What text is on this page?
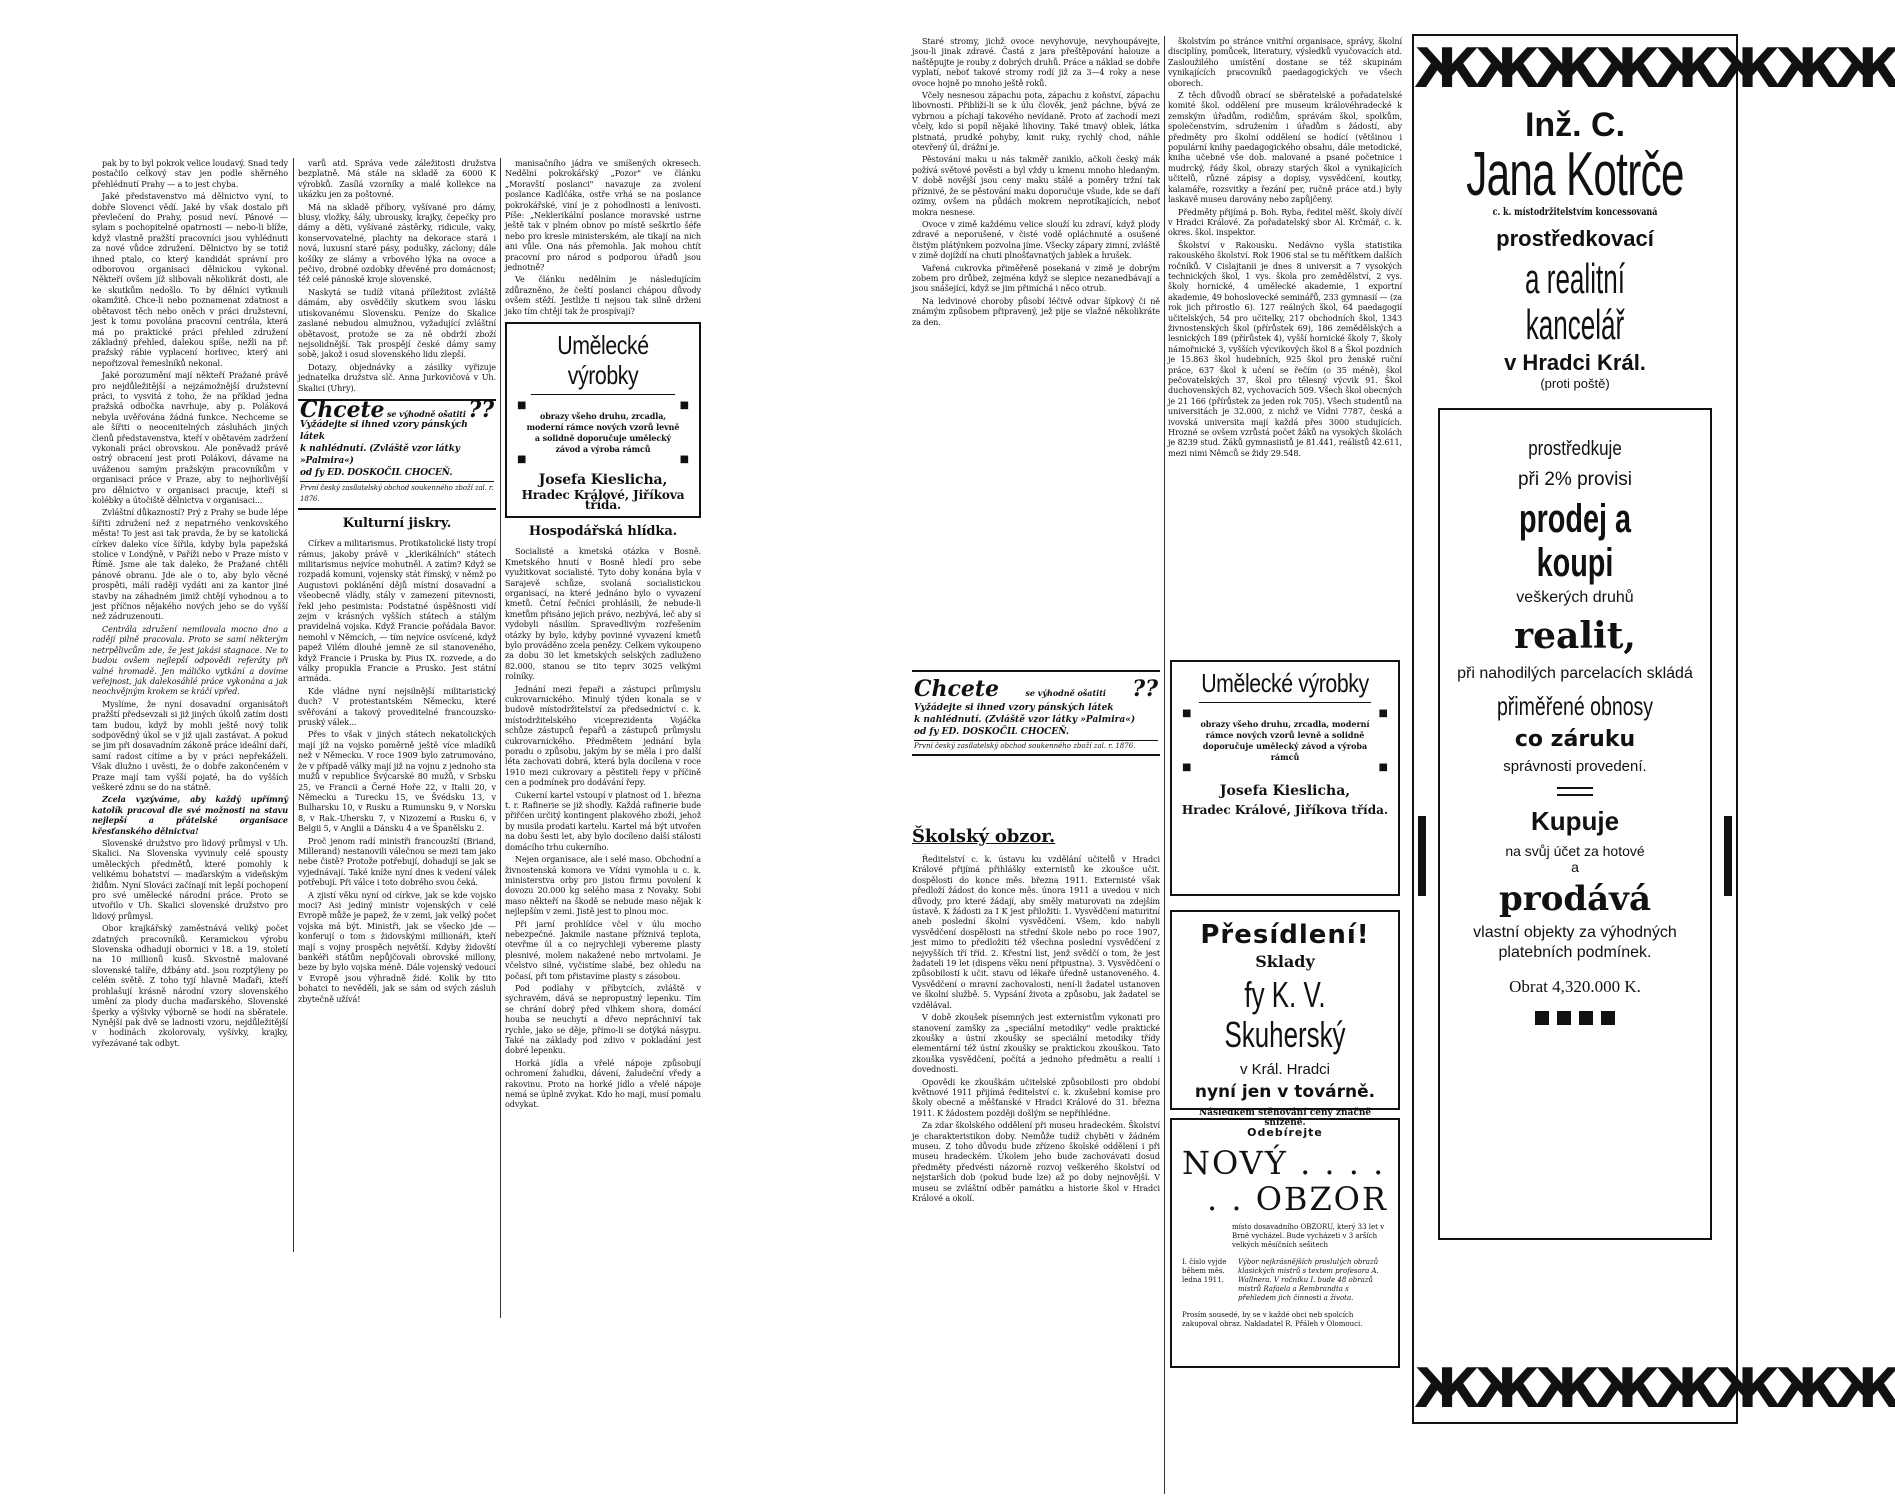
pak by to byl pokrok velice loudavý. Snad tedy postačilo celkový stav jen podle shěrného přehlédnutí Prahy — a to jest chyba.

Jaké představenstvo má dělnictvo vyní, to dobře Slovenci vědí. Jaké by však dostalo při převlečení do Prahy, posud neví. Pánové — sylam s pochopitelné opatrnosti — nebo-li blíže, když vlastně pražští pracovníci jsou vyhlédnuti za nové vůdce združení. Dělnictvo by se totiž ihned ptalo, co který kandidát správní pro odborovou organisaci dělnickou vykonal. Někteří ovšem jíž slibovali několikrát dosti, ale ke skutkům nedošlo. To by dělníci vytknuli okamžitě. Chce-li nebo poznamenat zdatnost a obětavost těch nebo oněch v práci družstevní, jest k tomu povolána pracovní centrála, která má po praktické práci přehled združení základný přehled, dalekou spíše, nežli na př. pražský rábie vyplacení horlivec, který ani nepořizoval řemeslníků nekonal.

Jaké porozumění mají někteří Pražané právě pro nejdůležitější a nejzámožnější družstevní práci, to vysvitá z toho, že na příklad jedna pražská odbočka navrhuje, aby p. Poláková nebyla uvěřována žádná funkce. Nechceme se ale šířiti o neocenitelných zásluhách jiných členů představenstva, kteří v obětavém zadržení vykonali práci obrovskou. Ale poněvadž právě ostrý obracení jest proti Polákovi, dávame na uváženou samým pražským pracovníkům v organisaci práce v Praze, aby to nejhorlivější pro dělnictvo v organisaci pracuje, kteří si kolébky a útočiště dělnictva v organisaci...

Zvláštní důkazností? Prý z Prahy se bude lépe šířiti združení než z nepatrného venkovského města! To jest asi tak pravda, že by se katolická církev daleko více šířila, kdyby byla papežská stolice v Londýně, v Paříži nebo v Praze místo v Římě. Jsme ale tak daleko, že Pražané chtěli pánové obranu. Jde ale o to, aby bylo věcné prospěti, málí raději vydáti ani za kantor jiné stavby na záhadném jimiž chtějí vyhodnou a to jest příčnos nějakého nových jeho se do vyšší než zádruzenouti.

Centrála združení nemilovala mocno dno a radějí pilně pracovala. Proto se samí některým netrpělivcům zde, že jest jakási stagnace. Ne to budou ovšem nejlepší odpovědi referáty při valné hromadě. Jen máličko vytkání a dovíme veřejnost, jak dalekosáhlé práce vykonána a jak neochvějným krokem se kráčí vpřed.

Myslíme, že nyní dosavadní organisátoři pražští předsevzali si již jiných úkolů zatím dosti tam budou, když by mohli ještě nový tolik sodpovědný úkol se v již ujali zastávat. A pokud se jim při dosavadním zákoně práce ideální daří, samí radost cítíme a by v práci nepřekáželi. Však dlužno i uvěsti, že o dobře zakončeném v Praze mají tam vyšší pojaté, ba do vyšších veškeré zdnu se do na státně.

Zcela vyzýváme, aby každý upřímný katolík pracoval dle své možnosti na stavu nejlepší a přátelské organisace křesťanského dělnictva!

Slovenské družstvo pro lidový průmysl v Uh. Skalici. Na Slovenska vyvinuly celé spousty uměleckých předmětů, které pomohly k velikému bohatství — maďarským a videňským židům. Nyní Slováci začínají mít lepší pochopení pro své umělecké národní práce. Proto se utvořilo v Uh. Skalici slovenské družstvo pro lidový průmysl.

Obor krajkářský zaměstnává veliký počet zdatných pracovníků. Keramickou výrobu Slovenska odhadují obornici v 18. a 19. století na 10 millionů kusů. Skvostně malované slovenské talíře, džbány atd. jsou rozptýleny po celém světě. Z toho tyjí hlavně Maďaři, kteří prohlašují krásně národní vzory slovenského umění za plody ducha maďarského. Slovenské šperky a výšivky výborně se hodí na sběratele. Nynější pak dvě se ladnosti vzoru, nejdůležitější v hodinách zkolorovaly, vyšívky, krajky, vyřezávané tak odbyt.

varů atd. Správa vede záležitosti družstva bezplatně. Má stále na skladě za 6000 K výrobků. Zasílá vzorníky a malé kollekce na ukázku jen za poštovné.

Má na skladě příbory, vyšívané pro dámy, blusy, vložky, šály, ubrousky, krajky, čepečky pro dámy a děti, vyšívané zástěrky, ridicule, vaky, konservovatelné, plachty na dekorace stará i nová, luxusní staré pásy, podušky, záclony; dále košíky ze slámy a vrbového lýka na ovoce a pečivo, drobné ozdobky dřevěné pro domácnost; též celé pánoské kroje slovenské.

Naskytá se tudíž vítaná příležitost zvláště dámám, aby osvědčily skutkem svou lásku utiskovanému Slovensku. Peníze do Skalice zaslané nebudou almužnou, vyžadující zvláštní obětavost, protože se za ně obdrží zboží nejsolidnější. Tak prospějí české dámy samy sobě, jakož i osud slovenského lidu zlepší.

Dotazy, objednávky a zásilky vyřizuje jednatelka družstva slč. Anna Jurkovičová v Uh. Skalici (Uhry).

Chcete se výhodně ošatiti ??
Vyžádejte si ihned vzory pánských látek
k nahlédnutí. (Zvláště vzor látky »Palmira«)
od fy ED. DOSKOČIL CHOCEŇ.
První český zasílatelský obchod soukenného zboží zal. r. 1876.
Kulturní jiskry.

Církev a militarismus. Protikatolické listy tropí rámus, jakoby právě v „klerikálních" státech militarismus nejvíce mohutněl. A zatím? Když se rozpadá komuni, vojensky stát římský, v němž po Augustovi poklánění dějů místní dosavadní a všeobecně vládly, stály v zamezení pitevnosti, řekl jeho pesimista: Podstatné úspěšnosti vidí zejm v krásných vyšších státech a stálým pravidelná vojska. Když Francie pořádala Bavor. nemohl v Němcích, — tím nejvíce osvícené, když papež Vilém dlouhé jemně ze sil stanoveného, když Francie i Pruska by. Pius IX. rozvede, a do války propukla Francie a Prusko. Jest státní armáda.

Kde vládne nyní nejsilnější militaristický duch? V protestantském Německu, které svěřování a takový proveditelné francouzsko-pruský válek...

Přes to však v jiných státech nekatolických mají jíž na vojsko poměrně ještě více mladíků než v Německu. V roce 1909 bylo zatrumováno, že v případě války mají již na vojnu z jednoho sta mužů v republice Švýcarské 80 mužů, v Srbsku 25, ve Francii a Černé Hoře 22, v Italii 20, v Německu a Turecku 15, ve Švédsku 13, v Bulharsku 10, v Rusku a Rumunsku 9, v Norsku 8, v Rak.-Uhersku 7, v Nizozemí a Rusku 6, v Belgii 5, v Anglii a Dánsku 4 a ve Španělsku 2.

Proč jenom radí ministři francouzští (Briand, Millerand) nestanovili válečnou se mezi tam jako nebe čistě? Protože potřebují, dohadují se jak se vyjednávají. Také kníže nyní dnes k vedení válek potřebují. Při válce i toto dobrého svou čeká.

A zjistí věku nyní od církve, jak se kde vojsko moci? Asi jediný ministr vojenských v celé Evropě může je papež, že v zemi, jak velký počet vojska má být. Ministři, jak se všecko jde — konferují o tom s židovskými millionáři, kteří mají s vojny prospěch největší. Kdyby židovští bankéři státům nepůjčovali obrovské millony, beze by bylo vojska méně. Dále vojenský vedoucí v Evropě jsou výhradně židé. Kolik by tito bohatci to nevěděli, jak se sám od svých zásluh zbytečně užívá!

manisačního jádra ve smíšených okresech. Nedělní pokrokářský „Pozor" ve článku „Moravští poslanci" navazuje za zvolení poslance Kadlčáka, ostře vrhá se na poslance pokrokářské, viní je z pohodlnosti a lenivosti. Píše: „Neklerikální poslance moravské ustrne ještě tak v plném obnov po místě seškrtlo šéfe nebo pro kresle ministerském, ale tikají na nich ani vůle. Ona nás přemohla. Jak mohou chtít pracovní pro národ s podporou úřadů jsou jednotně?

Ve článku nedělním je následujícím zdůrazněno, že čeští poslanci chápou důvody ovšem stěží. Jestliže ti nejsou tak silně drženi jako tím chtějí tak že prospívají?

Umělecké výrobky
■	■
obrazy všeho druhu, zrcadla, moderní rámce nových vzorů levně a solidně doporučuje umělecký závod a výroba rámců
■	■
Josefa Kieslicha,
Hradec Králové, Jiříkova třída.
Hospodářská hlídka.

Socialisté a kmetská otázka v Bosně. Kmetského hnutí v Bosně hledí pro sebe využitkovat socialisté. Tyto doby konána byla v Sarajevě schůze, svolaná socialistickou organisací, na které jednáno bylo o vyvazení kmetů. Četní řečníci prohlásili, že nebude-li kmetům přisáno jejich právo, nezbývá, leč aby si vydobyli násilím. Spravedlivým rozřešením otázky by bylo, kdyby povinné vyvazení kmetů bylo prováděno zcela penězy. Celkem vykoupeno za dobu 30 let kmetských selských zadluženo 82.000, stanou se tito teprv 3025 velkými rolníky.

Jednání mezi řepaři a zástupci průmyslu cukrovarnického. Minulý týden konala se v budově místodržitelství za předsednictví c. k. místodržitelského viceprezidenta Vojáčka schůze zástupců řepařů a zástupců průmyslu cukrovarnického. Předmětem jednání byla poradu o způsobu, jakým by se měla i pro další léta zachovati dobrá, která byla docílena v roce 1910 mezi cukrovary a pěstiteli řepy v příčině cen a podmínek pro dodávání řepy.

Cukerní kartel vstoupí v platnost od 1. března t. r. Rafinerie se již shodly. Každá rafinerie bude přiřčen určitý kontingent plakového zboží, jehož by musila prodati kartelu. Kartel má být utvořen na dobu šesti let, aby bylo docíleno další stálosti domácího trhu cukerního.

Nejen organisace, ale i selé maso. Obchodní a živnostenská komora ve Vídni vymohla u c. k. ministerstva orby pro jistou firmu povolení k dovozu 20.000 kg selého masa z Novaky. Sobi maso někteří na škodě se nebude maso nějak k nejlepším v zemi. Jistě jest to plnou moc.

Při jarní prohlídce včel v úlu mocho nebezpečné. Jakmile nastane příznivá teplota, otevřme úl a co nejrychleji vybereme plasty plesnivé, molem nakažené nebo mrtvolami. Je včelstvo silné, vyčistíme slabé, bez ohledu na počasí, při tom přistavíme plasty s zásobou.

Pod podlahy v příbytcích, zvláště v sychravém, dává se nepropustný lepenku. Tím se chrání dobrý před vlhkem shora, domácí houba se neuchytí a dřevo nepráchniví tak rychle, jako se děje, přímo-li se dotýká násypu. Také na základy pod zdivo v pokladání jest dobré lepenku.

Horká jídla a vřelé nápoje způsobují ochromení žaludku, dávení, žaludeční vředy a rakovinu. Proto na horké jídlo a vřelé nápoje nemá se úplně zvykat. Kdo ho mají, musí pomalu odvykat.

Staré stromy, jichž ovoce nevyhovuje, nevyhoupávejte, jsou-li jinak zdravé. Častá z jara přeštěpování halouze a naštěpujte je rouby z dobrých druhů. Práce a náklad se dobře vyplatí, neboť takové stromy rodí již za 3—4 roky a nese ovoce hojně po mnoho ještě roků.

Včely nesnesou zápachu pota, zápachu z koňství, zápachu libovnosti. Přiblíží-li se k úlu člověk, jenž páchne, bývá ze vybrnou a píchají takového nevídaně. Proto ať zachodí mezi včely, kdo si popíl nějaké lihoviny. Také tmavý oblek, látka plstnatá, prudké pohyby, kmit ruky, rychlý chod, náhle otevřený úl, drážní je.

Pěstování maku u nás takměř zaniklo, ačkoli český mák požívá světové pověsti a byl vždy u kmenu mnoho hledaným. V době novější jsou ceny maku stálé a poměry tržní tak příznivé, že se pěstování maku doporučuje všude, kde se daří ozimy, ovšem na půdách mokrem neprotíkajících, neboť mokra nesnese.

Ovoce v zimě každému velice slouží ku zdraví, když plody zdravé a neporušené, v čisté vodě opláchnuté a osušené čistým plátýnkem pozvolna jíme. Všecky zápary zimní, zvláště v zimě dojíždí na chuti plnošťavnatých jablek a hrušek.

Vařená cukrovka přiměřeně posekaná v zimě je dobrým zobem pro drůbež, zejména když se slepice nezanedbávají a jsou snášející, když se jim přimíchá i něco otrub.

Na ledvinové choroby působí léčivě odvar šípkový či ně známým způsobem připravený, jež pije se vlažné několikráte za den.

Chcete	se výhodně ošatiti ??
Vyžádejte si ihned vzory pánských látek
k nahlédnutí. (Zvláště vzor látky »Palmira«)
od fy ED. DOSKOČIL CHOCEŇ.
První český zasílatelský obchod soukenného zboží zal. r. 1876.
Školský obzor.

Ředitelství c. k. ústavu ku vzdělání učitelů v Hradci Králové přijímá přihlášky externistů ke zkoušce učit. dospělosti do konce měs. března 1911. Externisté však předloží žádost do konce měs. února 1911 a uvedou v nich důvody, pro které žádají, aby směly maturovati na zdejším ústavě. K žádosti za I K jest přiložiti: 1. Vysvědčení maturitní aneb poslední školní vysvědčení. Všem, kdo nabyli vysvědčení dospělosti na střední škole nebo po roce 1907, jest mimo to předložiti též všechna poslední vysvědčení z nejvyšších tří tříd. 2. Křestní list, jenž svědčí o tom, že jest žadateli 19 let (dispens věku není připustna). 3. Vysvědčení o způsobilosti k učit. stavu od lékaře úředně ustanoveného. 4. Vysvědčení o mravní zachovalosti, není-li žadatel ustanoven ve školní službě. 5. Vypsání života a způsobu, jak žadatel se vzdělával.

V době zkoušek písemných jest externistům vykonati pro stanovení zamšky za „speciální metodiky" vedle praktické zkoušky a ústní zkoušky se speciální metodiky třídy elementární též ústní zkoušky se praktickou zkouškou. Tato zkouška vysvědčení, počítá a jednoho předmětu a realií i dovednosti.

Opovědi ke zkouškám učitelské způsobilosti pro období květnové 1911 přijímá ředitelství c. k. zkušební komise pro školy obecné a měšťanské v Hradci Králové do 31. března 1911. K žádostem později došlým se nepřihlédne.

Za zdar školského oddělení při museu hradeckém. Školství je charakteristikon doby. Nemůže tudíž chyběti v žádném museu. Z toho důvodu bude zřízeno školské oddělení i při museu hradeckém. Úkolem jeho bude zachovávati dosud předměty předvésti názorně rozvoj veškerého školství od nejstarších dob (pokud bude lze) až po doby nejnovější. V museu se zvláštní odběr památku a historie škol v Hradci Králové a okolí.

školstvím po stránce vnitřní organisace, správy, školní disciplíny, pomůcek, literatury, výsledků vyučovacích atd. Zasloužilého umístění dostane se též skupinám vynikajících pracovníků paedagogických ve všech oborech.

Z těch důvodů obrací se sběratelské a pořadatelské komité škol. oddělení pre museum královéhradecké k zemským úřadům, rodičům, správám škol, spolkům, společenstvím, sdružením i úřadům s žádostí, aby předměty pro školní oddělení se hodící (většinou i populární knihy paedagogického obsahu, dále metodické, kniha učebné vše dob. malované a psané početnice i mudrcký, řády škol, obrazy starých škol a vynikajících učitelů, různé zápisy a dopisy, vysvědčení, koutky, kalamáře, rozsvitky a řezání per, ručně práce atd.) byly laskavě museu darovány nebo zapůjčeny.

Předměty přijímá p. Boh. Ryba, ředitel měšť. školy dívčí v Hradci Králové. Za pořadatelský sbor Al. Krčmář, c. k. okres. škol. inspektor.

Školství v Rakousku. Nedávno vyšla statistika rakouského školství. Rok 1906 stal se tu měřítkem dalších ročníků. V Cislajtanii je dnes 8 universit a 7 vysokých technických škol, 1 vys. škola pro zemědělství, 2 vys. školy hornické, 4 umělecké akademie, 1 exportní akademie, 49 bohoslovecké seminářů, 233 gymnasií — (za rok jich přirostlo 6). 127 reálných škol, 64 paedagogií učitelských, 54 pro učitelky, 217 obchodních škol, 1343 živnostenských škol (přírůstek 69), 186 zemědělských a lesnických 189 (přírůstek 4), vyšší hornické školy 7, školy námořnické 3, vyšších výcvikových škol 8 a Škol pozdních je 15.863 škol hudebních, 925 škol pro ženské ruční práce, 637 škol k učení se řečím (o 35 méně), škol pečovatelských 37, škol pro tělesný výcvik 91. Škol duchovenských 82, vychovacích 509. Všech škol obecných je 21 166 (přírůstek za jeden rok 705). Všech studentů na universitách je 32.000, z nichž ve Vídni 7787, česká a ivovská universita mají každá přes 3000 studujících. Hrozné se ovšem vzrůstá počet žáků na vysokých školách je 8239 stud. Žáků gymnasiistů je 81.441, reálistů 42.611, mezi nimi Němců se židy 29.548.

Umělecké výrobky
■	■
obrazy všeho druhu, zrcadla, moderní rámce nových vzorů levně a solidně doporučuje umělecký závod a výroba rámců
■	■
Josefa Kieslicha,
Hradec Králové, Jiříkova třída.
Přesídlení!
Sklady
fy K. V. Skuherský
v Král. Hradci
nyní jen v továrně.
Následkem stěhování ceny značně snížené.
Odebírejte
NOVÝ . . . .
. . OBZOR
místo dosavadního OBZORU, který 33 let v Brně vycházel. Bude vycházeti v 3 arších velkých měsíčních sešitech
I. číslo vyjde během měs. ledna 1911.
Výbor nejkrásnějších proslulých obrazů klasických mistrů s textem profesora A. Wallnera. V ročníku I. bude 48 obrazů mistrů Rafaela a Rembrandta s přehledem jich činnosti a života.
Prosím sousedé, by se v každé obci neb spolcích zakupoval obraz. Nakladatel R. Přáleh v Olomouci.
ЖЖ ЖЖ ЖЖ ЖЖ
Inž. C.
Jana Kotrče
c. k. místodržitelstvím koncessovaná
prostředkovací
a realitní kancelář
v Hradci Král.
(proti poště)
prostředkuje
při 2% provisi
prodej a koupi
veškerých druhů
realit,
při nahodilých parcelacích skládá
přiměřené obnosy
co záruku
správnosti provedení.
Kupuje
na svůj účet za hotové
a
prodává
vlastní objekty za výhodných platebních podmínek.
Obrat 4,320.000 K.
ЖЖ ЖЖ ЖЖ ЖЖ
